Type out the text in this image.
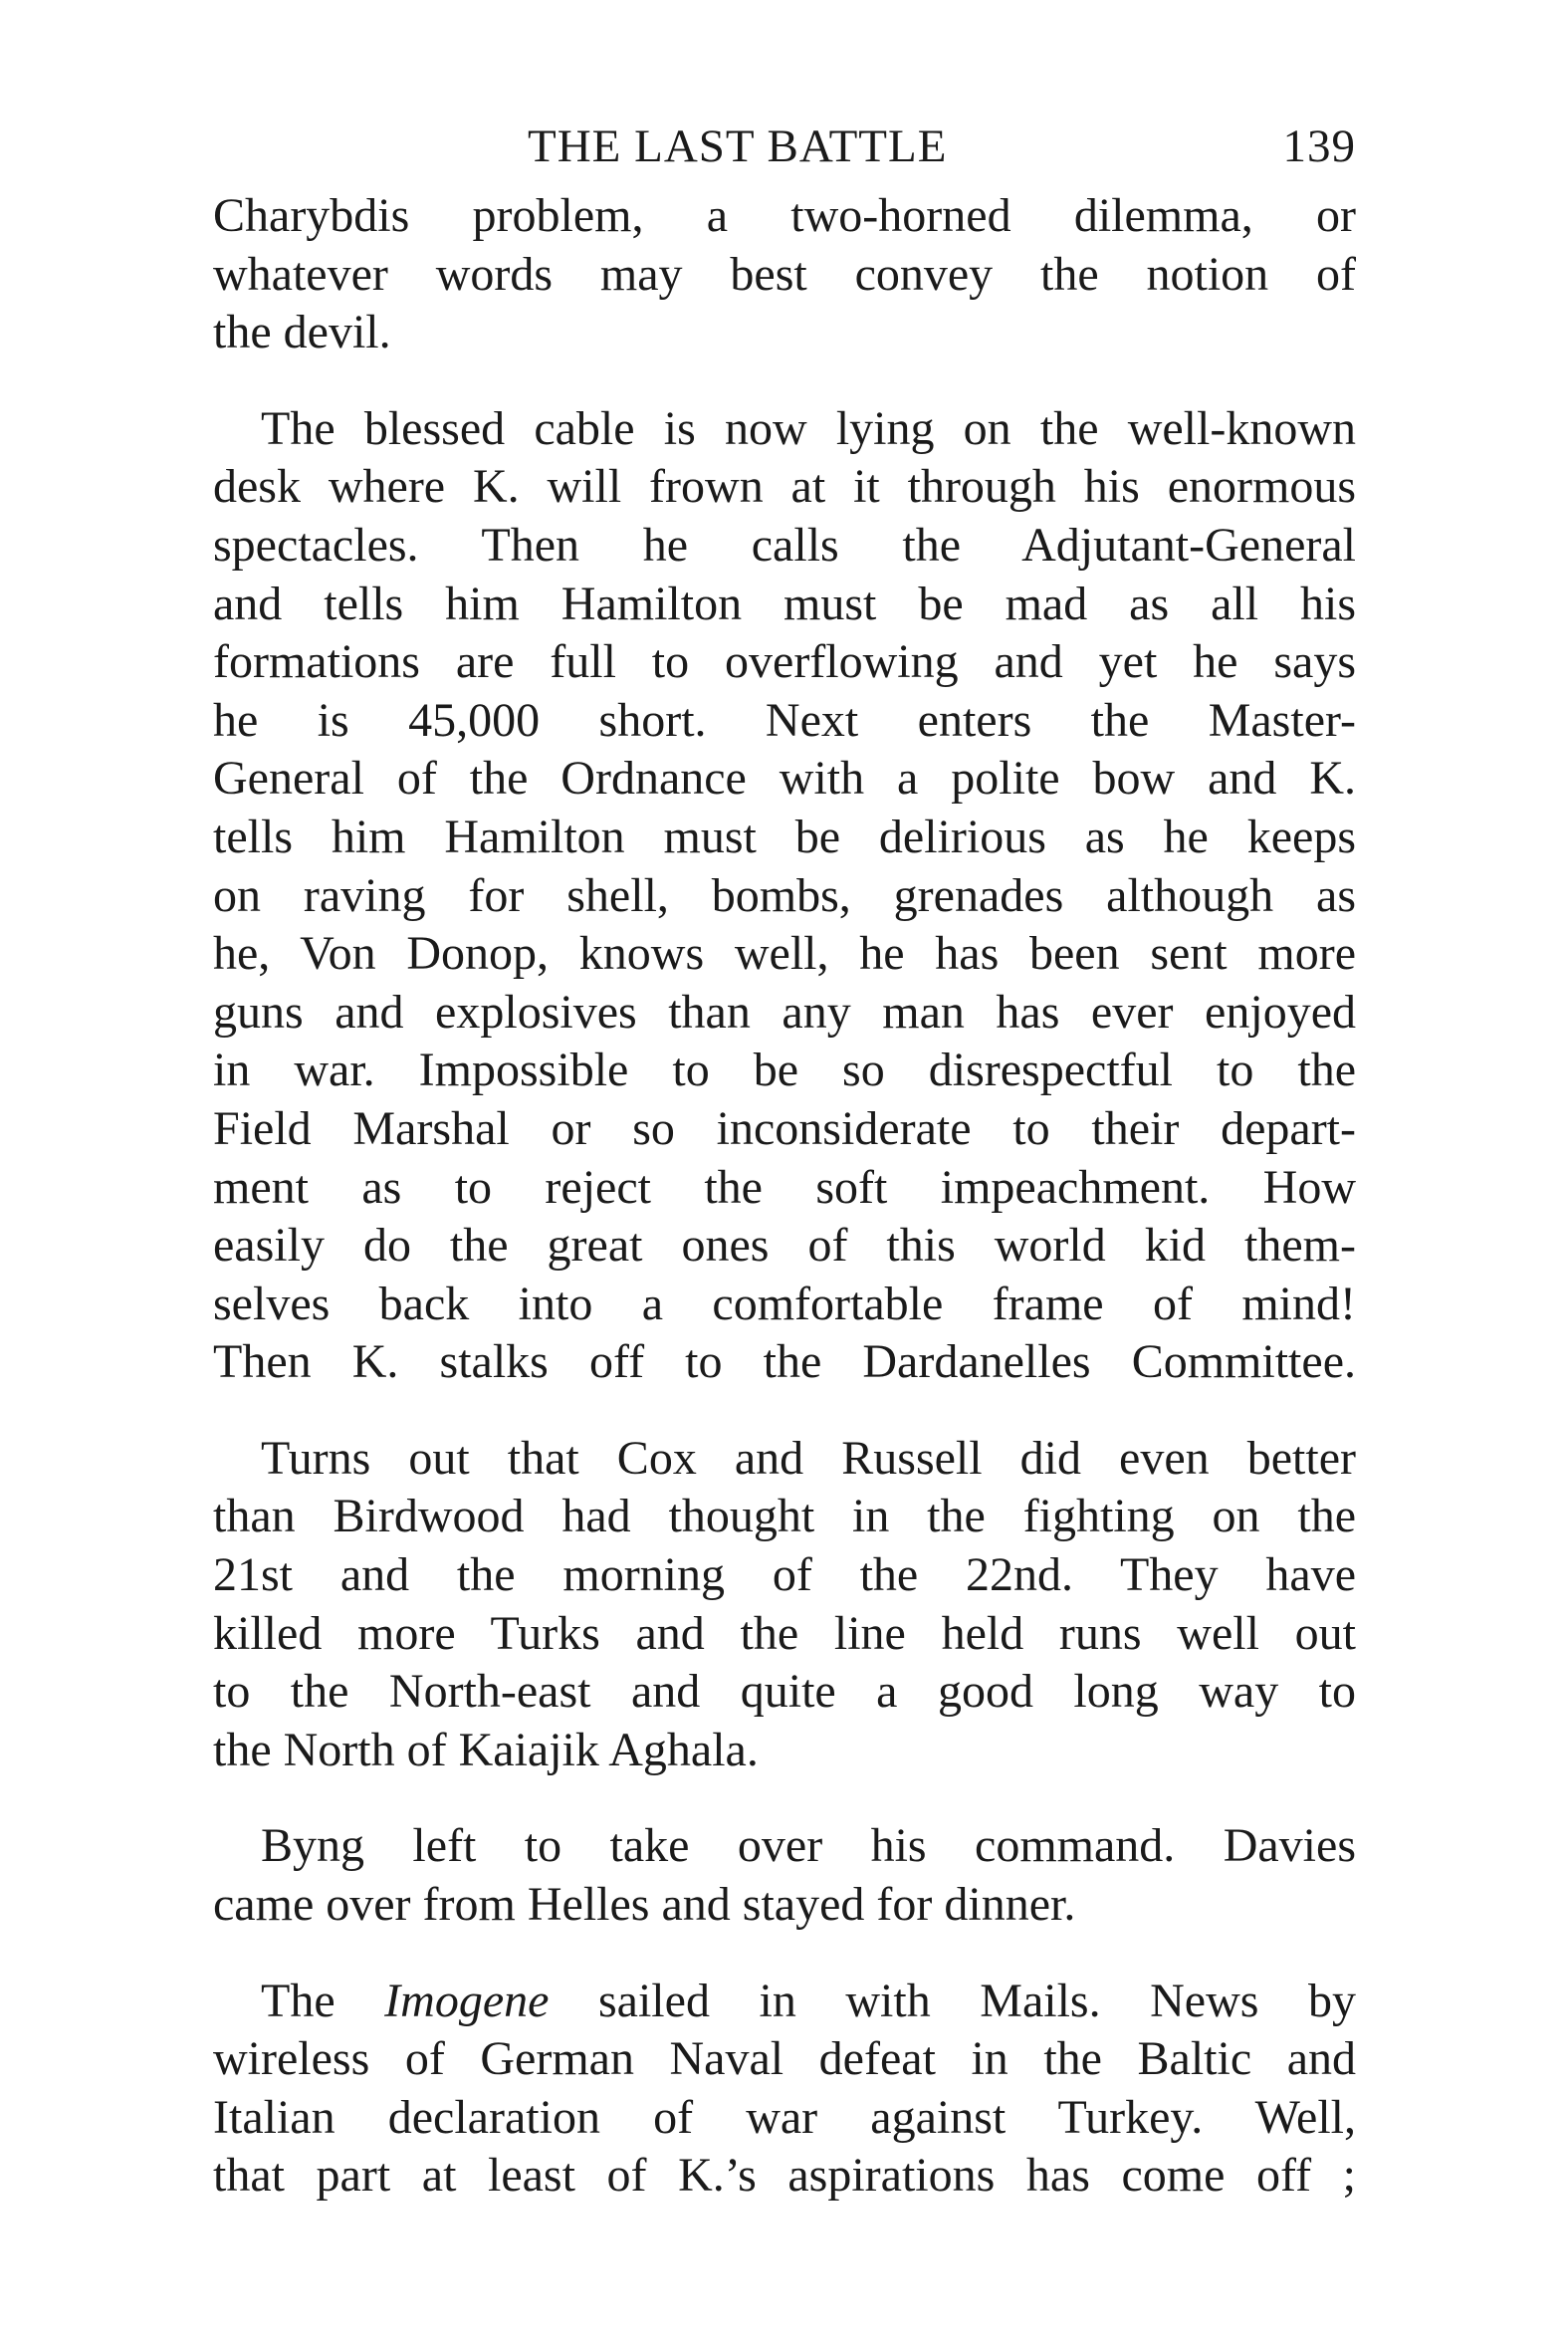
THE LAST BATTLE	139

Charybdis problem, a two-horned dilemma, or
whatever words may best convey the notion of
the devil.

The blessed cable is now lying on the well-known
desk where K. will frown at it through his enormous
spectacles. Then he calls the Adjutant-General
and tells him Hamilton must be mad as all his
formations are full to overflowing and yet he says
he is 45,000 short. Next enters the Master-
General of the Ordnance with a polite bow and K.
tells him Hamilton must be delirious as he keeps
on raving for shell, bombs, grenades although as
he, Von Donop, knows well, he has been sent more
guns and explosives than any man has ever enjoyed
in war. Impossible to be so disrespectful to the
Field Marshal or so inconsiderate to their depart-
ment as to reject the soft impeachment. How
easily do the great ones of this world kid them-
selves back into a comfortable frame of mind!
Then K. stalks off to the Dardanelles Committee.

Turns out that Cox and Russell did even better
than Birdwood had thought in the fighting on the
21st and the morning of the 22nd. They have
killed more Turks and the line held runs well out
to the North-east and quite a good long way to
the North of Kaiajik Aghala.

Byng left to take over his command. Davies
came over from Helles and stayed for dinner.

The Imogene sailed in with Mails. News by
wireless of German Naval defeat in the Baltic and
Italian declaration of war against Turkey. Well,
that part at least of K.’s aspirations has come off ;
